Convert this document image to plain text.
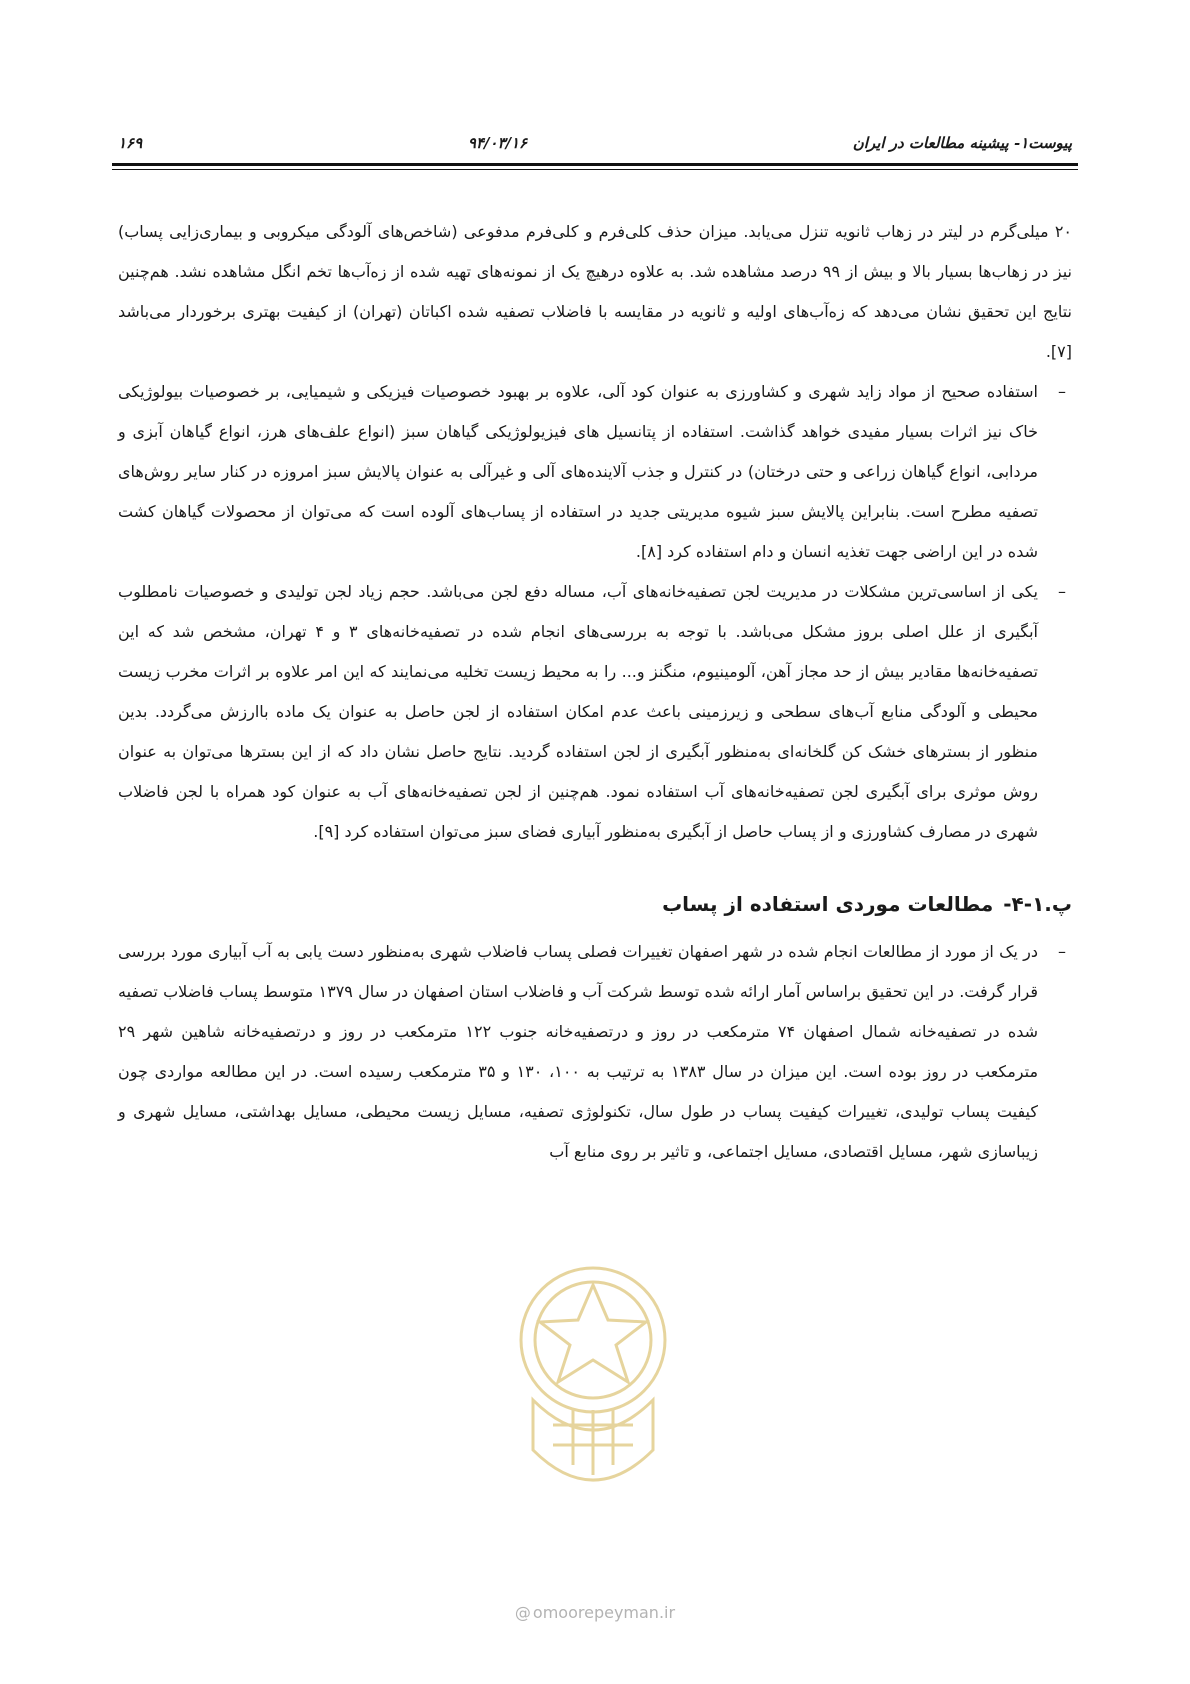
پیوست۱- پیشینه مطالعات در ایران
۹۴/۰۳/۱۶
۱۶۹

۲۰ میلی‌گرم در لیتر در زهاب ثانویه تنزل می‌یابد. میزان حذف کلی‌فرم و کلی‌فرم مدفوعی (شاخص‌های آلودگی میکروبی و بیماری‌زایی پساب) نیز در زهاب‌ها بسیار بالا و بیش از ۹۹ درصد مشاهده شد. به علاوه درهیچ یک از نمونه‌های تهیه شده از زه‌آب‌ها تخم انگل مشاهده نشد. هم‌چنین نتایج این تحقیق نشان می‌دهد که زه‌آب‌های اولیه و ثانویه در مقایسه با فاضلاب تصفیه شده اکباتان (تهران) از کیفیت بهتری برخوردار می‌باشد [۷].

–
استفاده صحیح از مواد زاید شهری و کشاورزی به عنوان کود آلی، علاوه بر بهبود خصوصیات فیزیکی و شیمیایی، بر خصوصیات بیولوژیکی خاک نیز اثرات بسیار مفیدی خواهد گذاشت. استفاده از پتانسیل های فیزیولوژیکی گیاهان سبز (انواع علف‌های هرز، انواع گیاهان آبزی و مردابی، انواع گیاهان زراعی و حتی درختان) در کنترل و جذب آلاینده‌های آلی و غیرآلی به عنوان پالایش سبز امروزه در کنار سایر روش‌های تصفیه مطرح است. بنابراین پالایش سبز شیوه مدیریتی جدید در استفاده از پساب‌های آلوده است که می‌توان از محصولات گیاهان کشت شده در این اراضی جهت تغذیه انسان و دام استفاده کرد [۸].
–
یکی از اساسی‌ترین مشکلات در مدیریت لجن تصفیه‌خانه‌های آب، مساله دفع لجن می‌باشد. حجم زیاد لجن تولیدی و خصوصیات نامطلوب آبگیری از علل اصلی بروز مشکل می‌باشد. با توجه به بررسی‌های انجام شده در تصفیه‌خانه‌های ۳ و ۴ تهران، مشخص شد که این تصفیه‌خانه‌ها مقادیر بیش از حد مجاز آهن، آلومینیوم، منگنز و... را به محیط زیست تخلیه می‌نمایند که این امر علاوه بر اثرات مخرب زیست محیطی و آلودگی منابع آب‌های سطحی و زیرزمینی باعث عدم امکان استفاده از لجن حاصل به عنوان یک ماده باارزش می‌گردد. بدین منظور از بسترهای خشک کن گلخانه‌ای به‌منظور آبگیری از لجن استفاده گردید. نتایج حاصل نشان داد که از این بسترها می‌توان به عنوان روش موثری برای آبگیری لجن تصفیه‌خانه‌های آب استفاده نمود. هم‌چنین از لجن تصفیه‌خانه‌های آب به عنوان کود همراه با لجن فاضلاب شهری در مصارف کشاورزی و از پساب حاصل از آبگیری به‌منظور آبیاری فضای سبز می‌توان استفاده کرد [۹].
پ.۱-۴-مطالعات موردی استفاده از پساب
–
در یک از مورد از مطالعات انجام شده در شهر اصفهان تغییرات فصلی پساب فاضلاب شهری به‌منظور دست یابی به آب آبیاری مورد بررسی قرار گرفت. در این تحقیق براساس آمار ارائه شده توسط شرکت آب و فاضلاب استان اصفهان در سال ۱۳۷۹ متوسط پساب فاضلاب تصفیه شده در تصفیه‌خانه شمال اصفهان ۷۴ مترمکعب در روز و درتصفیه‌خانه جنوب ۱۲۲ مترمکعب در روز و درتصفیه‌خانه شاهین شهر ۲۹ مترمکعب در روز بوده است. این میزان در سال ۱۳۸۳ به ترتیب به ۱۰۰، ۱۳۰ و ۳۵ مترمکعب رسیده است. در این مطالعه مواردی چون کیفیت پساب تولیدی، تغییرات کیفیت پساب در طول سال، تکنولوژی تصفیه، مسایل زیست محیطی، مسایل بهداشتی، مسایل شهری و زیباسازی شهر، مسایل اقتصادی، مسایل اجتماعی، و تاثیر بر روی منابع آب
@ omoorepeyman.ir
